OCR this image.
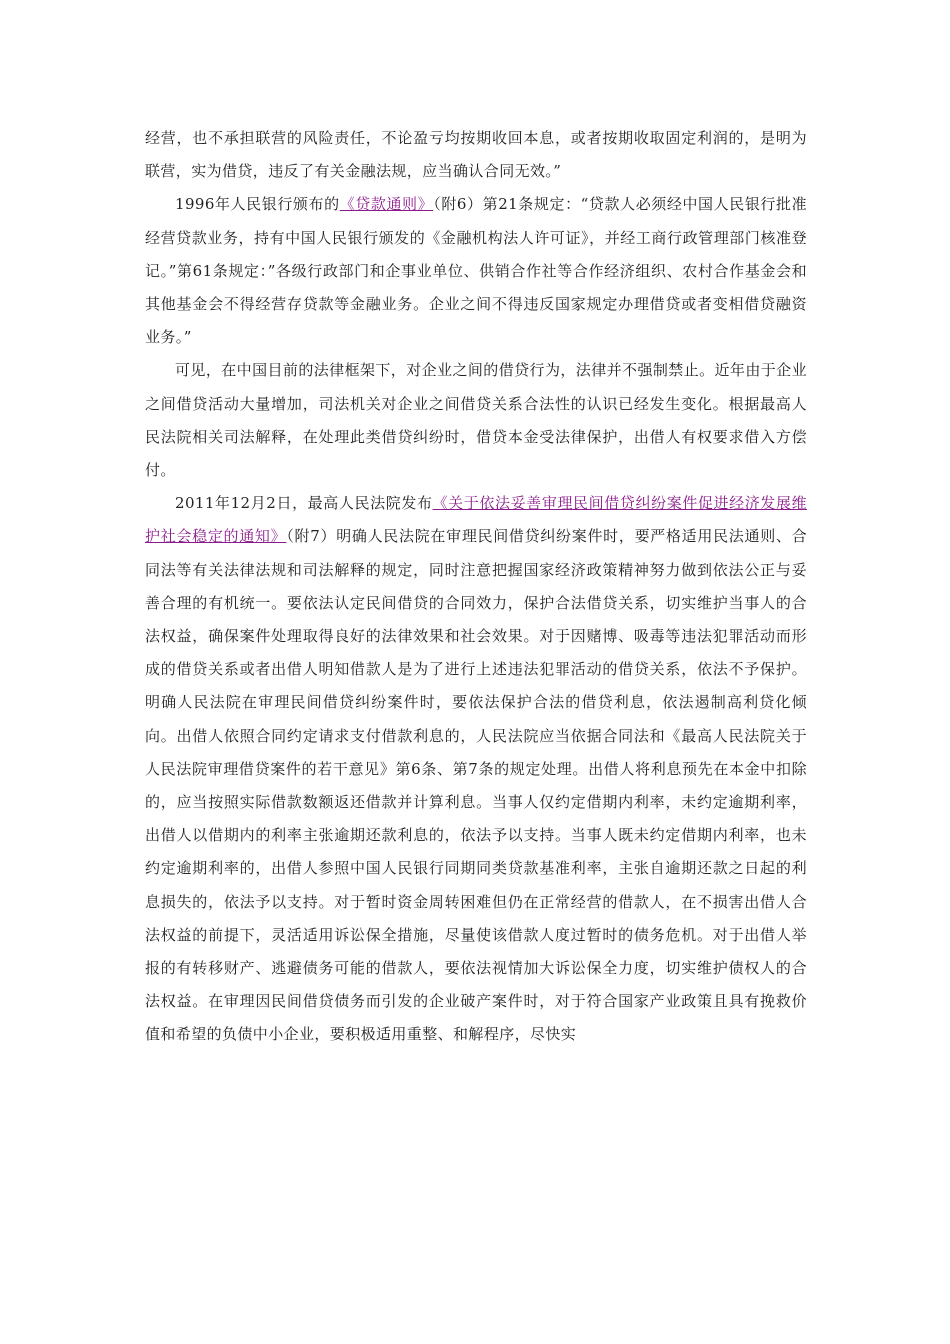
经营，也不承担联营的风险责任，不论盈亏均按期收回本息，或者按期收取固定利润的，是明为联营，实为借贷，违反了有关金融法规，应当确认合同无效。”

1996年人民银行颁布的《贷款通则》（附6）第21条规定：“贷款人必须经中国人民银行批准经营贷款业务，持有中国人民银行颁发的《金融机构法人许可证》，并经工商行政管理部门核准登记。”第61条规定：”各级行政部门和企事业单位、供销合作社等合作经济组织、农村合作基金会和其他基金会不得经营存贷款等金融业务。企业之间不得违反国家规定办理借贷或者变相借贷融资业务。”

可见，在中国目前的法律框架下，对企业之间的借贷行为，法律并不强制禁止。近年由于企业之间借贷活动大量增加，司法机关对企业之间借贷关系合法性的认识已经发生变化。根据最高人民法院相关司法解释，在处理此类借贷纠纷时，借贷本金受法律保护，出借人有权要求借入方偿付。

2011年12月2日，最高人民法院发布《关于依法妥善审理民间借贷纠纷案件促进经济发展维护社会稳定的通知》（附7）明确人民法院在审理民间借贷纠纷案件时，要严格适用民法通则、合同法等有关法律法规和司法解释的规定，同时注意把握国家经济政策精神努力做到依法公正与妥善合理的有机统一。要依法认定民间借贷的合同效力，保护合法借贷关系，切实维护当事人的合法权益，确保案件处理取得良好的法律效果和社会效果。对于因赌博、吸毒等违法犯罪活动而形成的借贷关系或者出借人明知借款人是为了进行上述违法犯罪活动的借贷关系，依法不予保护。明确人民法院在审理民间借贷纠纷案件时，要依法保护合法的借贷利息，依法遏制高利贷化倾向。出借人依照合同约定请求支付借款利息的，人民法院应当依据合同法和《最高人民法院关于人民法院审理借贷案件的若干意见》第6条、第7条的规定处理。出借人将利息预先在本金中扣除的，应当按照实际借款数额返还借款并计算利息。当事人仅约定借期内利率，未约定逾期利率，出借人以借期内的利率主张逾期还款利息的，依法予以支持。当事人既未约定借期内利率，也未约定逾期利率的，出借人参照中国人民银行同期同类贷款基准利率，主张自逾期还款之日起的利息损失的，依法予以支持。对于暂时资金周转困难但仍在正常经营的借款人，在不损害出借人合法权益的前提下，灵活适用诉讼保全措施，尽量使该借款人度过暂时的债务危机。对于出借人举报的有转移财产、逃避债务可能的借款人，要依法视情加大诉讼保全力度，切实维护债权人的合法权益。在审理因民间借贷债务而引发的企业破产案件时，对于符合国家产业政策且具有挽救价值和希望的负债中小企业，要积极适用重整、和解程序，尽快实
